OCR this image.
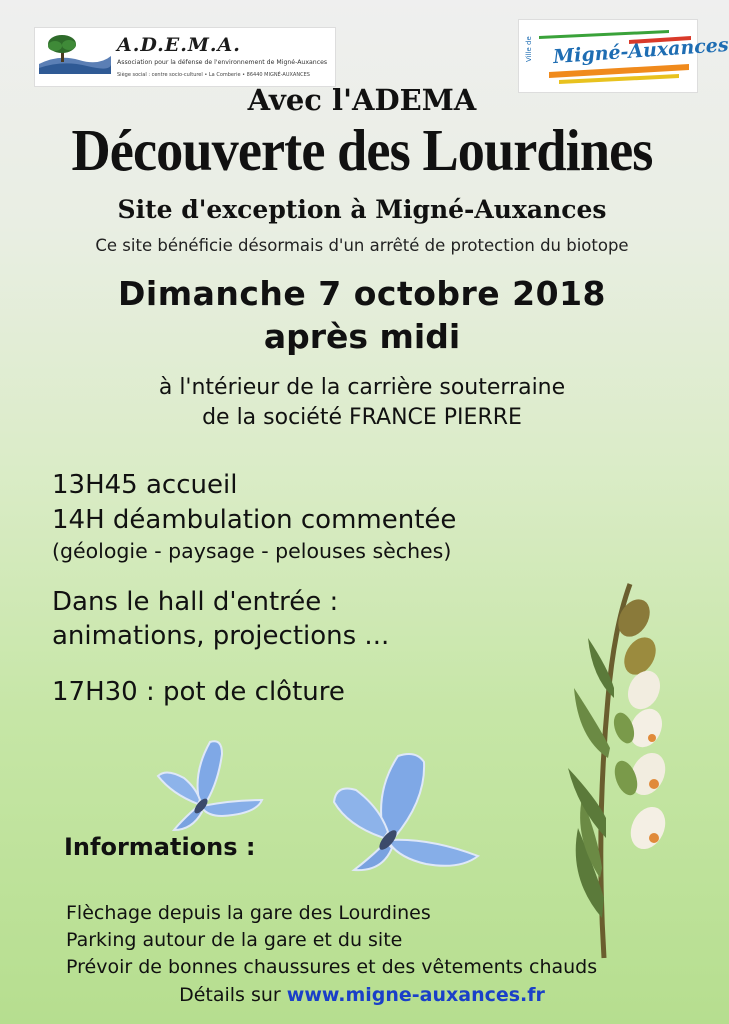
A.D.E.M.A.
Association pour la défense de l'environnement de Migné-Auxances
Siège social : centre socio-culturel • La Comberie • 86440 MIGNÉ-AUXANCES
Ville de Migné-Auxances
Avec l'ADEMA
Découverte des Lourdines
Site d'exception à Migné-Auxances
Ce site bénéficie désormais d'un arrêté de protection du biotope
Dimanche 7 octobre 2018
après midi
à l'ntérieur de la carrière souterraine
de la société FRANCE PIERRE
13H45 accueil
14H déambulation commentée
(géologie - paysage - pelouses sèches)
Dans le hall d'entrée :
animations, projections ...
17H30 : pot de clôture
Informations :
Flèchage depuis la gare des Lourdines
Parking autour de la gare et du site
Prévoir de bonnes chaussures et des vêtements chauds
Détails sur www.migne-auxances.fr
